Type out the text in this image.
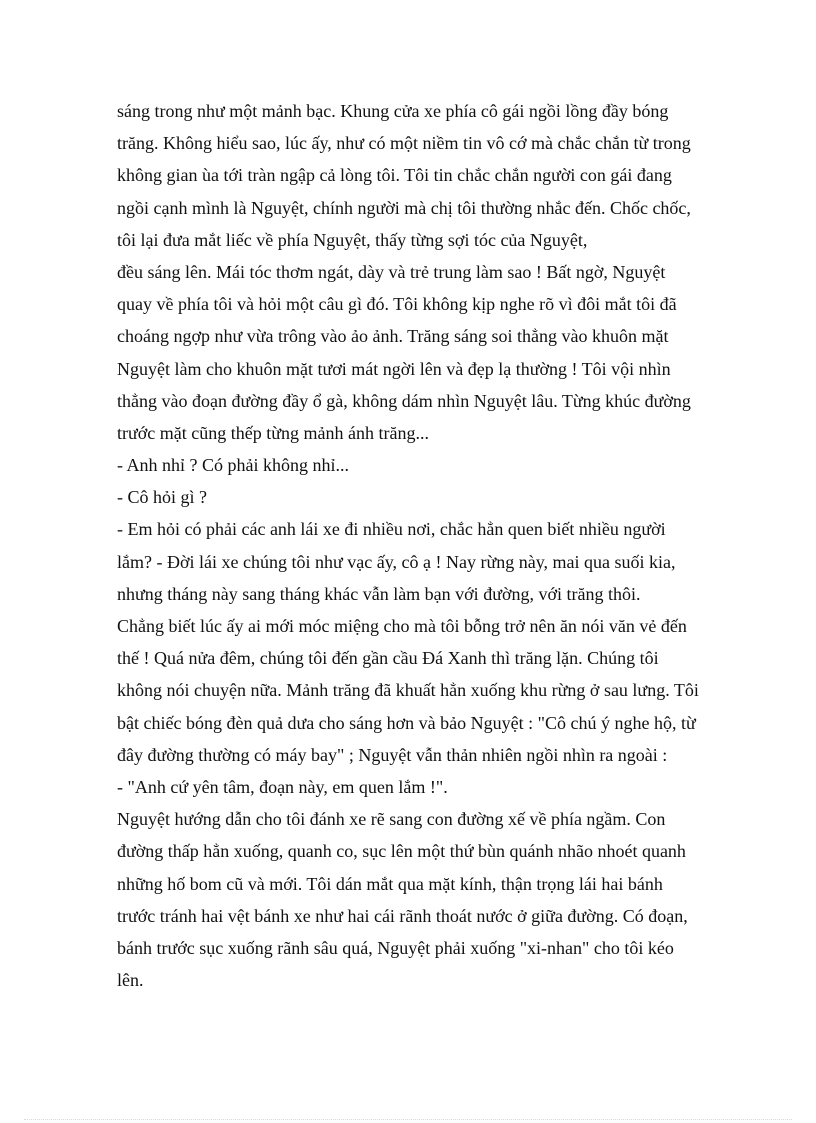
sáng trong như một mảnh bạc. Khung cửa xe phía cô gái ngồi lồng đầy bóng
trăng. Không hiểu sao, lúc ấy, như có một niềm tin vô cớ mà chắc chắn từ trong
không gian ùa tới tràn ngập cả lòng tôi. Tôi tin chắc chắn người con gái đang
ngồi cạnh mình là Nguyệt, chính người mà chị tôi thường nhắc đến. Chốc chốc,
tôi lại đưa mắt liếc về phía Nguyệt, thấy từng sợi tóc của Nguyệt,
đều sáng lên. Mái tóc thơm ngát, dày và trẻ trung làm sao ! Bất ngờ, Nguyệt
quay về phía tôi và hỏi một câu gì đó. Tôi không kịp nghe rõ vì đôi mắt tôi đã
choáng ngợp như vừa trông vào ảo ảnh. Trăng sáng soi thẳng vào khuôn mặt
Nguyệt làm cho khuôn mặt tươi mát ngời lên và đẹp lạ thường ! Tôi vội nhìn
thẳng vào đoạn đường đầy ổ gà, không dám nhìn Nguyệt lâu. Từng khúc đường
trước mặt cũng thếp từng mảnh ánh trăng...
- Anh nhỉ ? Có phải không nhỉ...
- Cô hỏi gì ?
- Em hỏi có phải các anh lái xe đi nhiều nơi, chắc hẳn quen biết nhiều người
lắm? - Đời lái xe chúng tôi như vạc ấy, cô ạ ! Nay rừng này, mai qua suối kia,
nhưng tháng này sang tháng khác vẫn làm bạn với đường, với trăng thôi.
Chẳng biết lúc ấy ai mới móc miệng cho mà tôi bỗng trở nên ăn nói văn vẻ đến
thế ! Quá nửa đêm, chúng tôi đến gần cầu Đá Xanh thì trăng lặn. Chúng tôi
không nói chuyện nữa. Mảnh trăng đã khuất hẳn xuống khu rừng ở sau lưng. Tôi
bật chiếc bóng đèn quả dưa cho sáng hơn và bảo Nguyệt : "Cô chú ý nghe hộ, từ
đây đường thường có máy bay" ; Nguyệt vẫn thản nhiên ngồi nhìn ra ngoài :
- "Anh cứ yên tâm, đoạn này, em quen lắm !".
Nguyệt hướng dẫn cho tôi đánh xe rẽ sang con đường xế về phía ngầm. Con
đường thấp hẳn xuống, quanh co, sục lên một thứ bùn quánh nhão nhoét quanh
những hố bom cũ và mới. Tôi dán mắt qua mặt kính, thận trọng lái hai bánh
trước tránh hai vệt bánh xe như hai cái rãnh thoát nước ở giữa đường. Có đoạn,
bánh trước sục xuống rãnh sâu quá, Nguyệt phải xuống "xi-nhan" cho tôi kéo
lên.
